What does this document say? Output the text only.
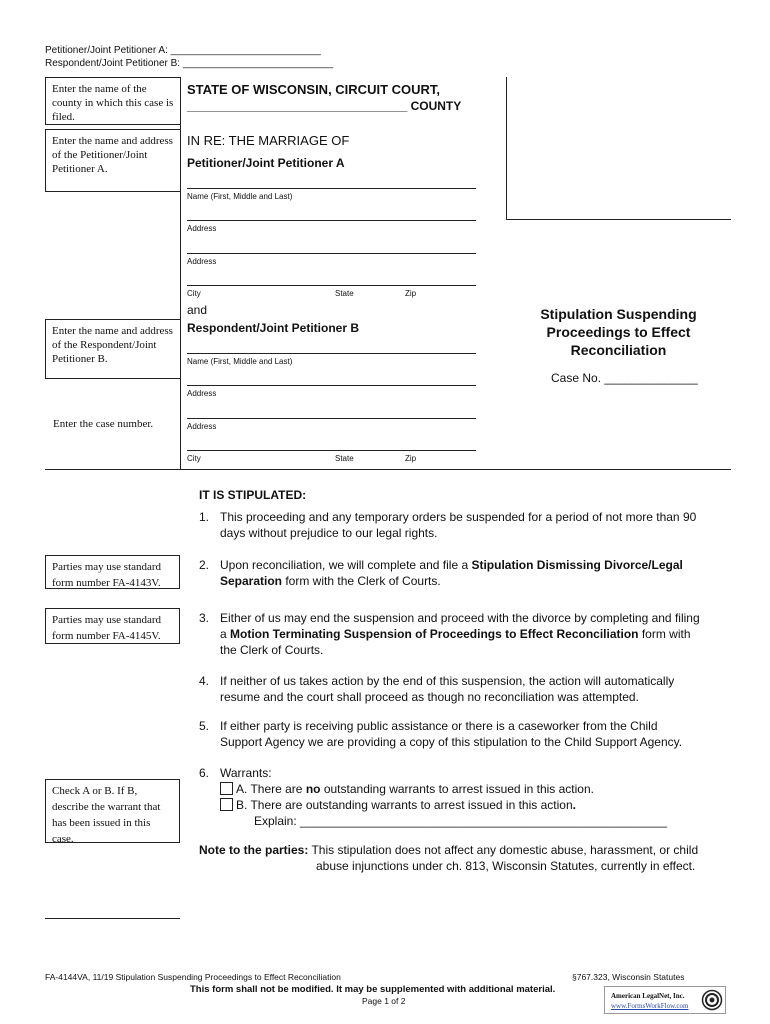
Petitioner/Joint Petitioner A: ___________________________
Respondent/Joint Petitioner B: ___________________________
Enter the name of the county in which this case is filed.
Enter the name and address of the Petitioner/Joint Petitioner A.
Enter the name and address of the Respondent/Joint Petitioner B.
Enter the case number.
STATE OF WISCONSIN, CIRCUIT COURT,
_________________________________ COUNTY
IN RE: THE MARRIAGE OF
Petitioner/Joint Petitioner A
Name (First, Middle and Last)
Address
Address
City	State	Zip
and
Respondent/Joint Petitioner B
Name (First, Middle and Last)
Address
Address
City	State	Zip
Stipulation Suspending
Proceedings to Effect
Reconciliation
Case No. ______________
IT IS STIPULATED:
1. This proceeding and any temporary orders be suspended for a period of not more than 90
days without prejudice to our legal rights.
2. Upon reconciliation, we will complete and file a Stipulation Dismissing Divorce/Legal
Separation form with the Clerk of Courts.
3. Either of us may end the suspension and proceed with the divorce by completing and filing
a Motion Terminating Suspension of Proceedings to Effect Reconciliation form with
the Clerk of Courts.
4. If neither of us takes action by the end of this suspension, the action will automatically
resume and the court shall proceed as though no reconciliation was attempted.
5. If either party is receiving public assistance or there is a caseworker from the Child
Support Agency we are providing a copy of this stipulation to the Child Support Agency.
6. Warrants:
A. There are no outstanding warrants to arrest issued in this action.
B. There are outstanding warrants to arrest issued in this action.
Explain: _______________________________________________________
Note to the parties: This stipulation does not affect any domestic abuse, harassment, or child
abuse injunctions under ch. 813, Wisconsin Statutes, currently in effect.
Parties may use standard form number FA-4143V.
Parties may use standard form number FA-4145V.
Check A or B. If B, describe the warrant that has been issued in this case.
FA-4144VA, 11/19 Stipulation Suspending Proceedings to Effect Reconciliation	§767.323, Wisconsin Statutes
This form shall not be modified. It may be supplemented with additional material.
Page 1 of 2	American LegalNet, Inc.
www.FormsWorkFlow.com
